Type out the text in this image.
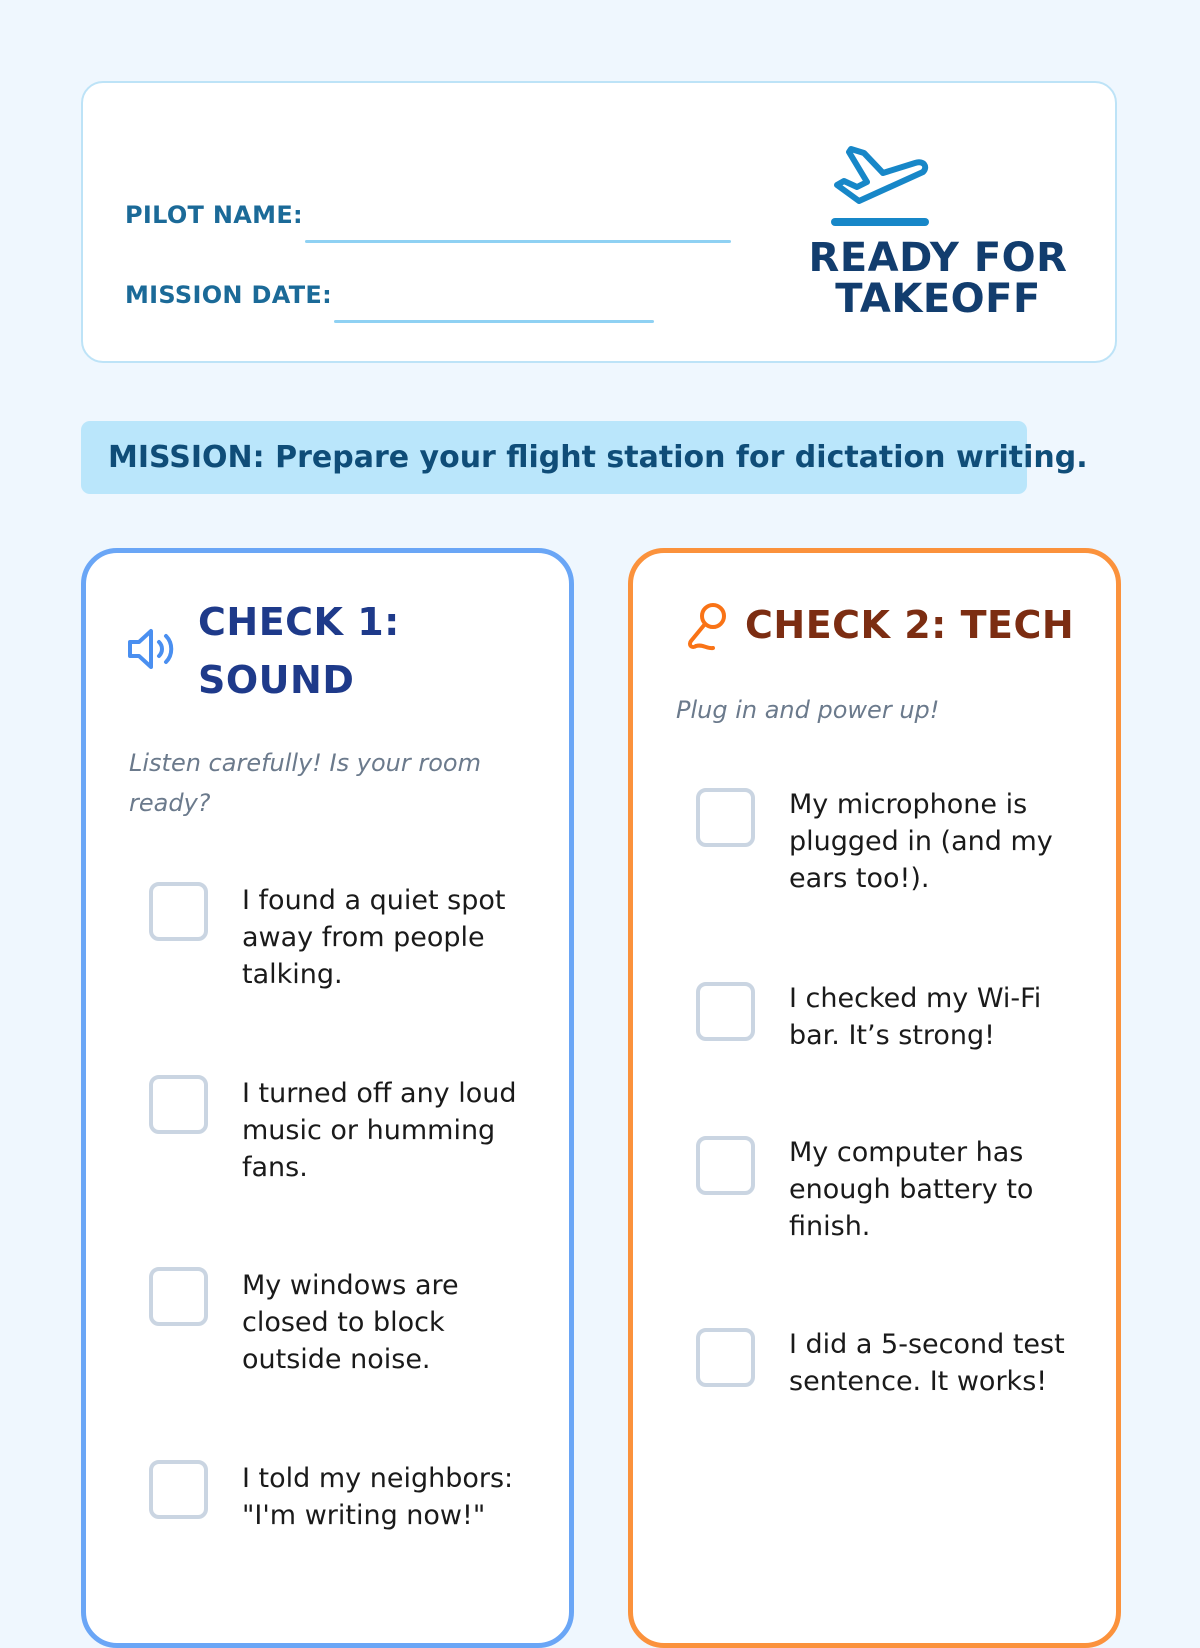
PILOT NAME:
MISSION DATE:
READY FOR TAKEOFF
MISSION: Prepare your flight station for dictation writing.
CHECK 1: SOUND
Listen carefully! Is your room ready?
I found a quiet spot away from people talking.
I turned off any loud music or humming fans.
My windows are closed to block outside noise.
I told my neighbors: "I'm writing now!"
CHECK 2: TECH
Plug in and power up!
My microphone is plugged in (and my ears too!).
I checked my Wi-Fi bar. It’s strong!
My computer has enough battery to finish.
I did a 5-second test sentence. It works!
